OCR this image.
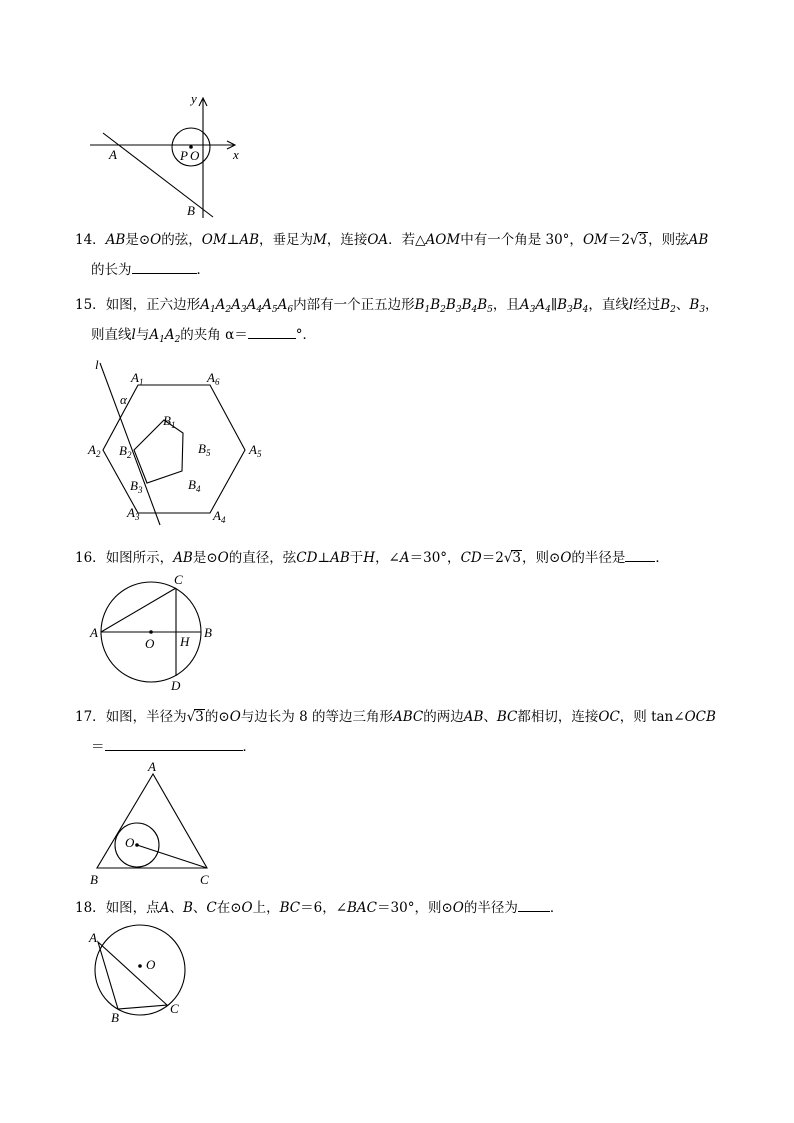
y
x
A	P O
B
14．AB是⊙O的弦，OM⊥AB，垂足为M，连接OA．若△AOM中有一个角是 30°，OM＝2√3，则弦AB
的长为	．
15．如图，正六边形$A_1A_2A_3A_4A_5A_6$内部有一个正五边形$B_1B_2B_3B_4B_5$，且$A_3A_4\parallel B_3B_4$，直线l经过$B_2$、$B_3$，
则直线l与$A_1A_2$的夹角 α＝	°．
l
α
$A_1$	$A_6$
$A_2$	$A_5$
$A_3$	$A_4$
$B_1$
$B_2$
$B_3$	$B_4$
$B_5$
16．如图所示，AB是⊙O的直径，弦CD⊥AB于H，∠A＝30°，CD＝2√3，则⊙O的半径是 ．
A	B
C
D
O H
17．如图，半径为√3的⊙O与边长为 8 的等边三角形ABC的两边AB、BC都相切，连接OC，则 tan∠OCB
＝	．
A
B	C
O
18．如图，点A、B、C在⊙O上，BC＝6，∠BAC＝30°，则⊙O的半径为 ．
A
B
C
O
